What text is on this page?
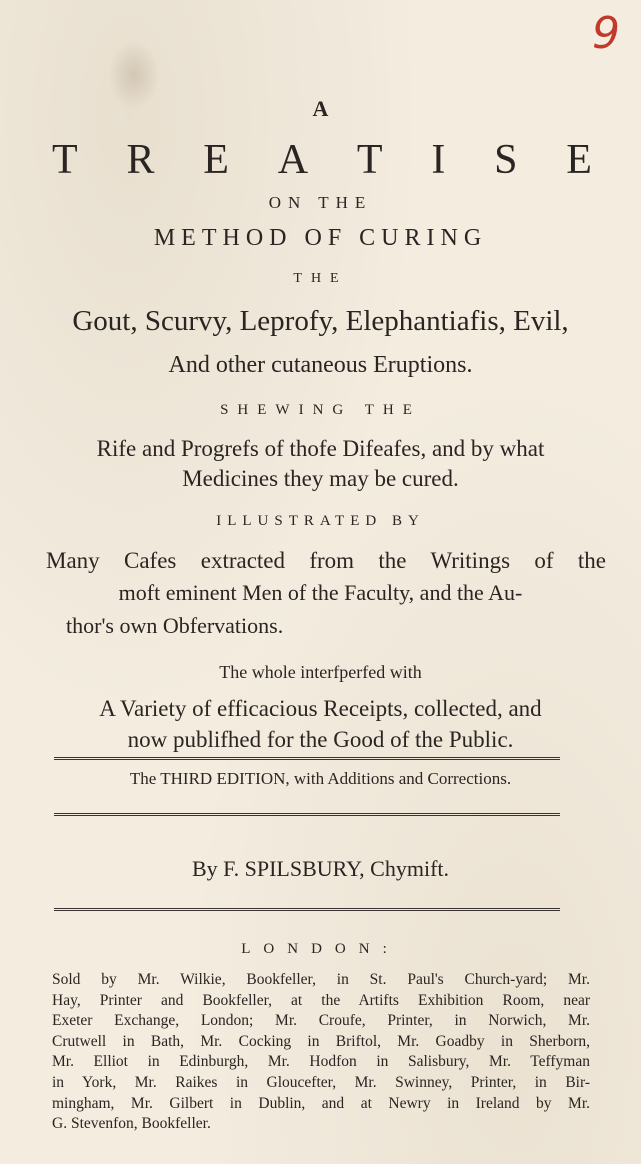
9
A
T R E A T I S E
ON THE
METHOD OF CURING
THE
Gout, Scurvy, Leprofy, Elephantiafis, Evil,
And other cutaneous Eruptions.
SHEWING THE
Rife and Progrefs of thofe Difeafes, and by what
Medicines they may be cured.
ILLUSTRATED BY
Many Cafes extracted from the Writings of the
moft eminent Men of the Faculty, and the Au-
thor's own Obfervations.
The whole interfperfed with
A Variety of efficacious Receipts, collected, and
now publifhed for the Good of the Public.
The THIRD EDITION, with Additions and Corrections.
By F. SPILSBURY, Chymift.
LONDON:
Sold by Mr. Wilkie, Bookfeller, in St. Paul's Church-yard; Mr.
Hay, Printer and Bookfeller, at the Artifts Exhibition Room, near
Exeter Exchange, London; Mr. Croufe, Printer, in Norwich, Mr.
Crutwell in Bath, Mr. Cocking in Briftol, Mr. Goadby in Sherborn,
Mr. Elliot in Edinburgh, Mr. Hodfon in Salisbury, Mr. Teffyman
in York, Mr. Raikes in Gloucefter, Mr. Swinney, Printer, in Bir-
mingham, Mr. Gilbert in Dublin, and at Newry in Ireland by Mr.
G. Stevenfon, Bookfeller.
